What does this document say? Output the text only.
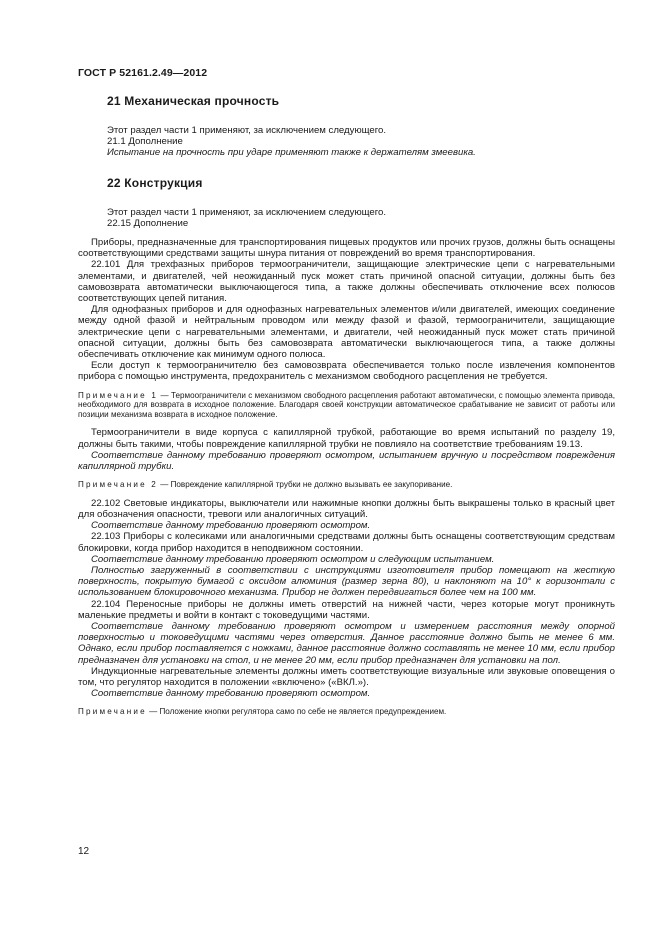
ГОСТ Р 52161.2.49—2012
21 Механическая прочность

Этот раздел части 1 применяют, за исключением следующего.

21.1 Дополнение

Испытание на прочность при ударе применяют также к держателям змеевика.

22 Конструкция

Этот раздел части 1 применяют, за исключением следующего.

22.15 Дополнение

Приборы, предназначенные для транспортирования пищевых продуктов или прочих грузов, должны быть оснащены соответствующими средствами защиты шнура питания от повреждений во время транспортирования.

22.101 Для трехфазных приборов термоограничители, защищающие электрические цепи с нагревательными элементами, и двигателей, чей неожиданный пуск может стать причиной опасной ситуации, должны быть без самовозврата автоматически выключающегося типа, а также должны обеспечивать отключение всех полюсов соответствующих цепей питания.

Для однофазных приборов и для однофазных нагревательных элементов и/или двигателей, имеющих соединение между одной фазой и нейтральным проводом или между фазой и фазой, термоограничители, защищающие электрические цепи с нагревательными элементами, и двигатели, чей неожиданный пуск может стать причиной опасной ситуации, должны быть без самовозврата автоматически выключающегося типа, а также должны обеспечивать отключение как минимум одного полюса.

Если доступ к термоограничителю без самовозврата обеспечивается только после извлечения компонентов прибора с помощью инструмента, предохранитель с механизмом свободного расцепления не требуется.

Примечание 1 — Термоограничители с механизмом свободного расцепления работают автоматически, с помощью элемента привода, необходимого для возврата в исходное положение. Благодаря своей конструкции автоматическое срабатывание не зависит от работы или позиции механизма возврата в исходное положение.

Термоограничители в виде корпуса с капиллярной трубкой, работающие во время испытаний по разделу 19, должны быть такими, чтобы повреждение капиллярной трубки не повлияло на соответствие требованиям 19.13.

Соответствие данному требованию проверяют осмотром, испытанием вручную и посредством повреждения капиллярной трубки.

Примечание 2 — Повреждение капиллярной трубки не должно вызывать ее закупоривание.

22.102 Световые индикаторы, выключатели или нажимные кнопки должны быть выкрашены только в красный цвет для обозначения опасности, тревоги или аналогичных ситуаций.

Соответствие данному требованию проверяют осмотром.

22.103 Приборы с колесиками или аналогичными средствами должны быть оснащены соответствующим средствам блокировки, когда прибор находится в неподвижном состоянии.

Соответствие данному требованию проверяют осмотром и следующим испытанием.

Полностью загруженный в соответствии с инструкциями изготовителя прибор помещают на жесткую поверхность, покрытую бумагой с оксидом алюминия (размер зерна 80), и наклоняют на 10° к горизонтали с использованием блокировочного механизма. Прибор не должен передвигаться более чем на 100 мм.

22.104 Переносные приборы не должны иметь отверстий на нижней части, через которые могут проникнуть маленькие предметы и войти в контакт с токоведущими частями.

Соответствие данному требованию проверяют осмотром и измерением расстояния между опорной поверхностью и токоведущими частями через отверстия. Данное расстояние должно быть не менее 6 мм. Однако, если прибор поставляется с ножками, данное расстояние должно составлять не менее 10 мм, если прибор предназначен для установки на стол, и не менее 20 мм, если прибор предназначен для установки на пол.

Индукционные нагревательные элементы должны иметь соответствующие визуальные или звуковые оповещения о том, что регулятор находится в положении «включено» («ВКЛ.»).

Соответствие данному требованию проверяют осмотром.

Примечание — Положение кнопки регулятора само по себе не является предупреждением.

12
